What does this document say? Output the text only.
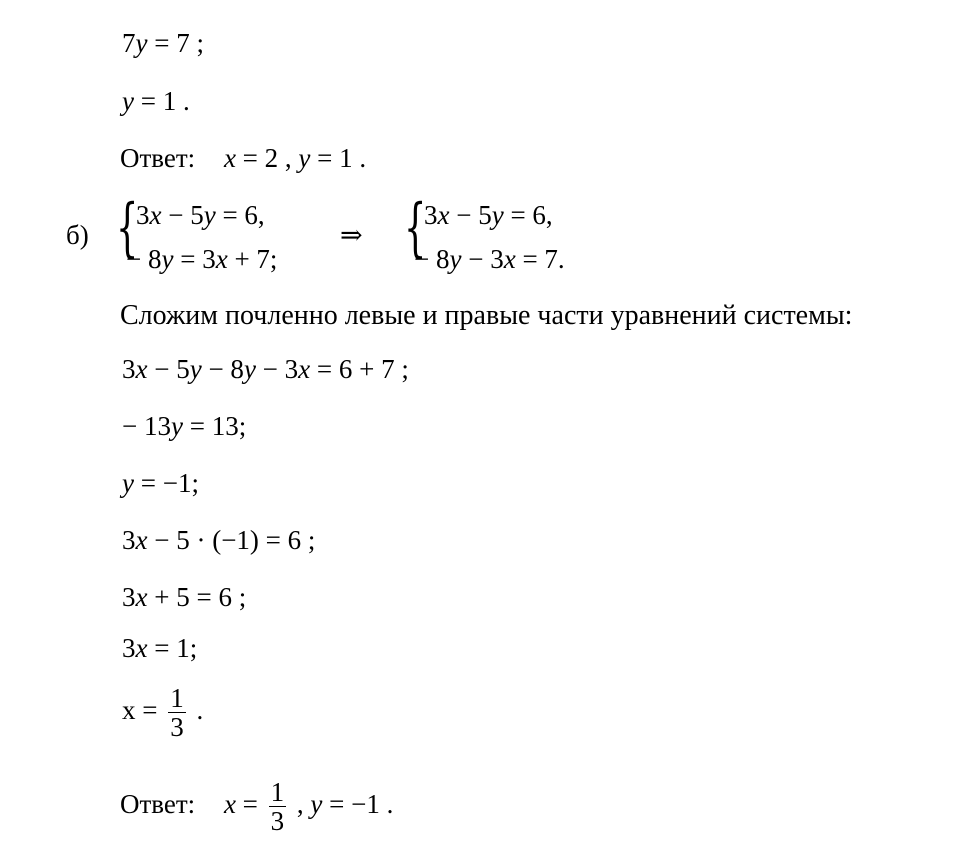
7y = 7 ;
y = 1 .
Ответ: x = 2 , y = 1 .
б) {
3x − 5y = 6,
− 8y = 3x + 7;
⇒ {
3x − 5y = 6,
− 8y − 3x = 7.
Сложим почленно левые и правые части уравнений системы:
3x − 5y − 8y − 3x = 6 + 7 ;
− 13y = 13;
y = −1;
3x − 5 · (−1) = 6 ;
3x + 5 = 6 ;
3x = 1;
$x = \frac{1}{3}$ .
Ответ: $x = \frac{1}{3}$ , y = −1 .
